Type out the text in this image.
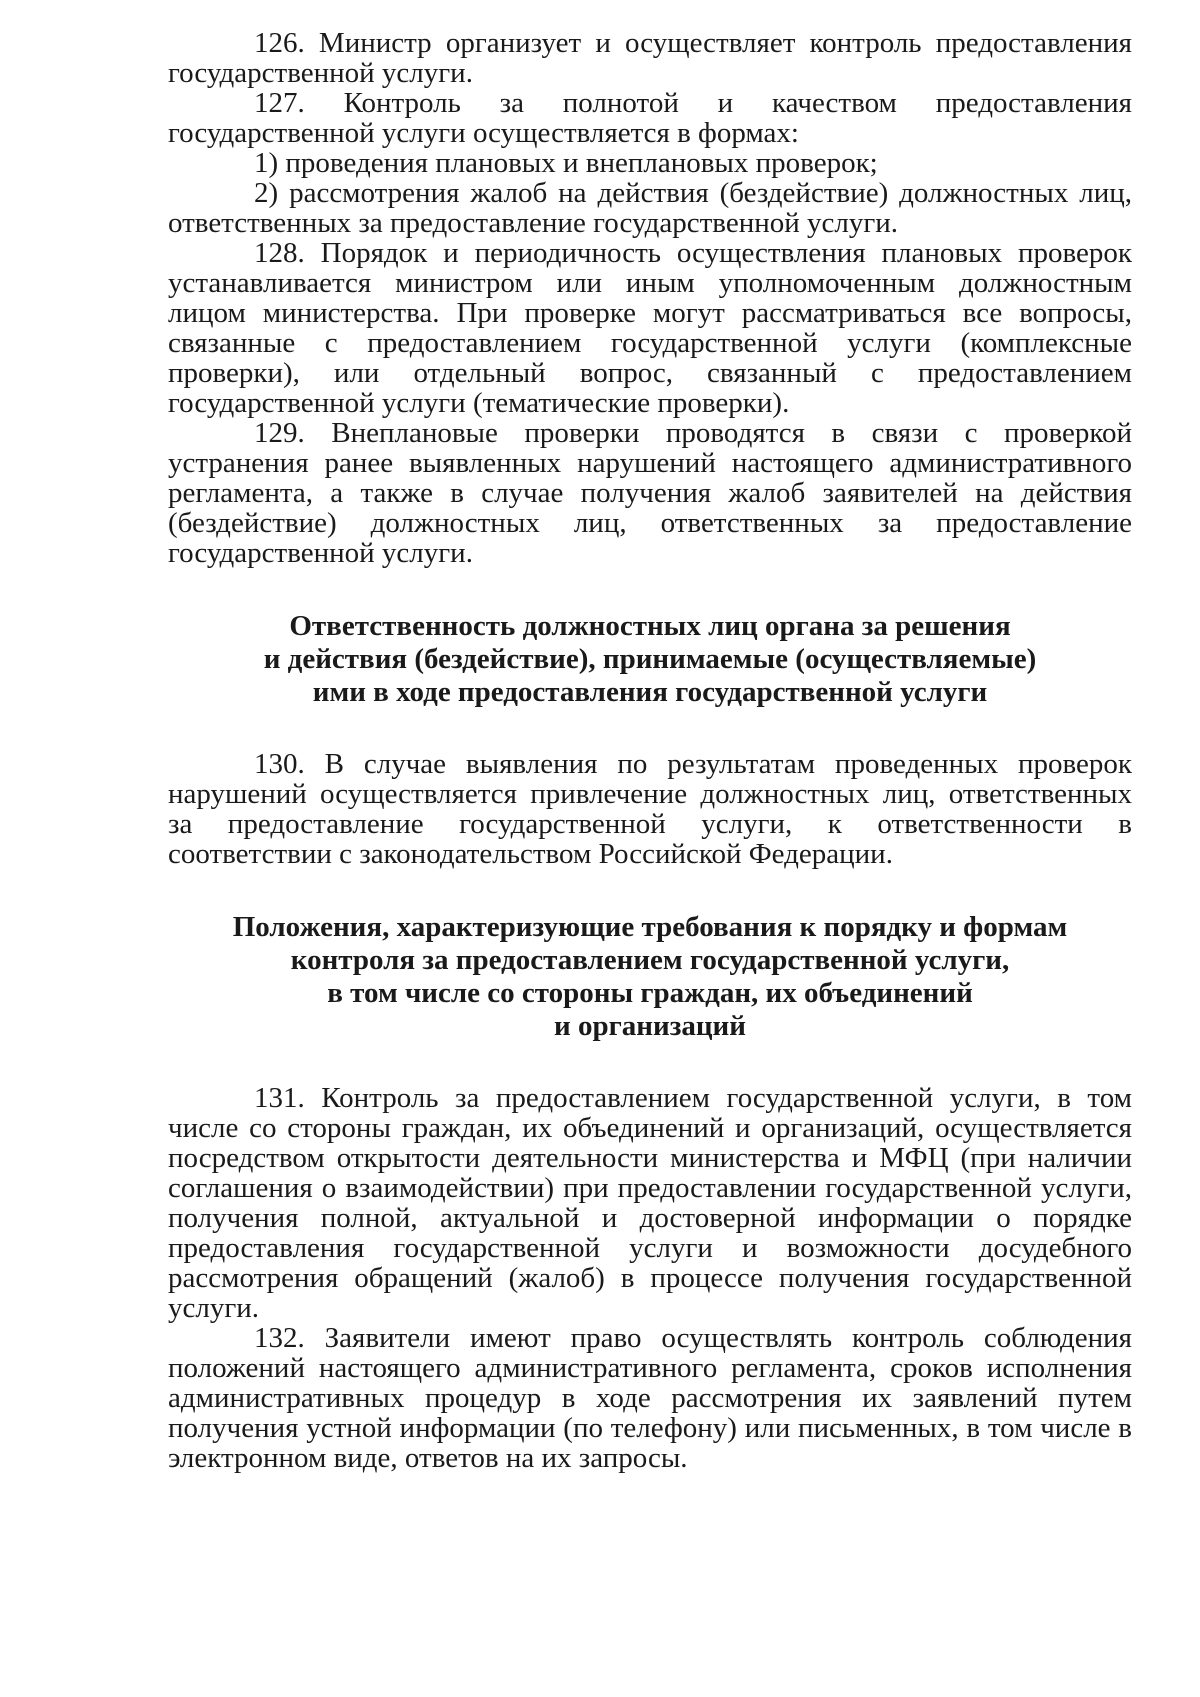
126. Министр организует и осуществляет контроль предоставления государственной услуги.

127. Контроль за полнотой и качеством предоставления государственной услуги осуществляется в формах:

1) проведения плановых и внеплановых проверок;

2) рассмотрения жалоб на действия (бездействие) должностных лиц, ответственных за предоставление государственной услуги.

128. Порядок и периодичность осуществления плановых проверок устанавливается министром или иным уполномоченным должностным лицом министерства. При проверке могут рассматриваться все вопросы, связанные с предоставлением государственной услуги (комплексные проверки), или отдельный вопрос, связанный с предоставлением государственной услуги (тематические проверки).

129. Внеплановые проверки проводятся в связи с проверкой устранения ранее выявленных нарушений настоящего административного регламента, а также в случае получения жалоб заявителей на действия (бездействие) должностных лиц, ответственных за предоставление государственной услуги.

Ответственность должностных лиц органа за решения
и действия (бездействие), принимаемые (осуществляемые)
ими в ходе предоставления государственной услуги

130. В случае выявления по результатам проведенных проверок нарушений осуществляется привлечение должностных лиц, ответственных за предоставление государственной услуги, к ответственности в соответствии с законодательством Российской Федерации.

Положения, характеризующие требования к порядку и формам
контроля за предоставлением государственной услуги,
в том числе со стороны граждан, их объединений
и организаций

131. Контроль за предоставлением государственной услуги, в том числе со стороны граждан, их объединений и организаций, осуществляется посредством открытости деятельности министерства и МФЦ (при наличии соглашения о взаимодействии) при предоставлении государственной услуги, получения полной, актуальной и достоверной информации о порядке предоставления государственной услуги и возможности досудебного рассмотрения обращений (жалоб) в процессе получения государственной услуги.

132. Заявители имеют право осуществлять контроль соблюдения положений настоящего административного регламента, сроков исполнения административных процедур в ходе рассмотрения их заявлений путем получения устной информации (по телефону) или письменных, в том числе в электронном виде, ответов на их запросы.
